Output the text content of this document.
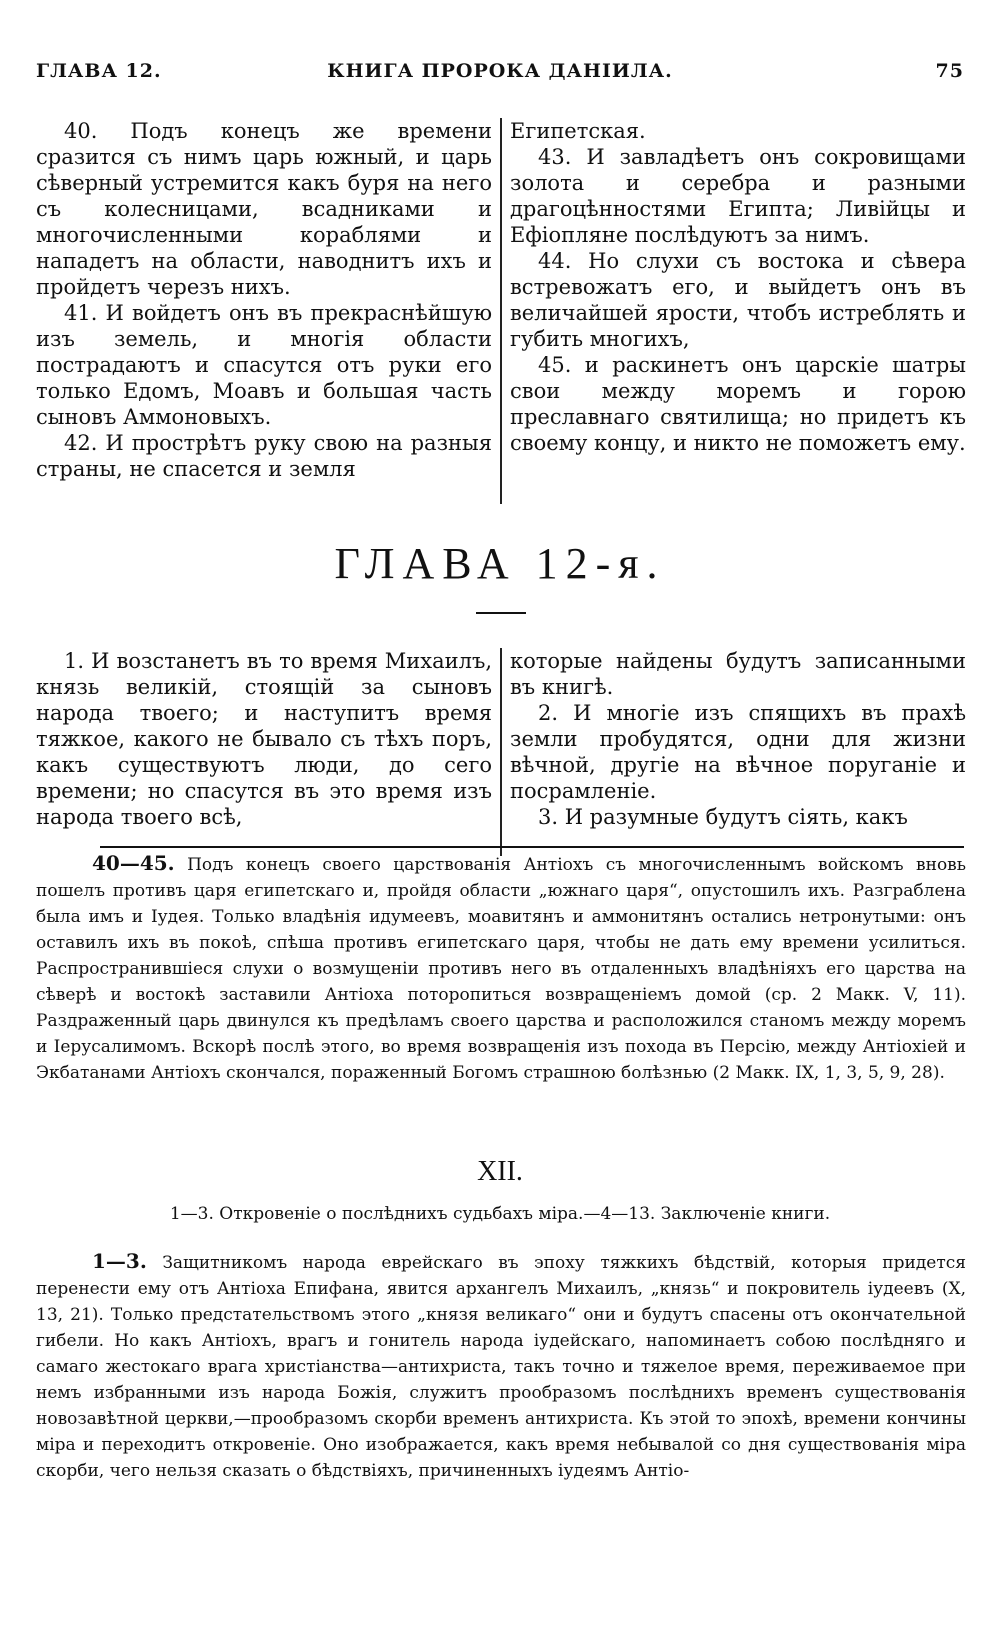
ГЛАВА 12.	КНИГА ПРОРОКА ДАНIИЛА.	75

40. Подъ конецъ же времени сразится съ нимъ царь южный, и царь сѣверный устремится какъ буря на него съ колесницами, всадниками и многочисленными кораблями и нападетъ на области, наводнитъ ихъ и пройдетъ черезъ нихъ.

41. И войдетъ онъ въ прекраснѣйшую изъ земель, и многія области пострадаютъ и спасутся отъ руки его только Едомъ, Моавъ и большая часть сыновъ Аммоновыхъ.

42. И прострѣтъ руку свою на разныя страны, не спасется и земля

Египетская.

43. И завладѣетъ онъ сокровищами золота и серебра и разными драгоцѣнностями Египта; Ливійцы и Ефіопляне послѣдуютъ за нимъ.

44. Но слухи съ востока и сѣвера встревожатъ его, и выйдетъ онъ въ величайшей ярости, чтобъ истреблять и губить многихъ,

45. и раскинетъ онъ царскіе шатры свои между моремъ и горою преславнаго святилища; но придетъ къ своему концу, и никто не поможетъ ему.

ГЛАВА 12-я.

1. И возстанетъ въ то время Михаилъ, князь великій, стоящій за сыновъ народа твоего; и наступитъ время тяжкое, какого не бывало съ тѣхъ поръ, какъ существуютъ люди, до сего времени; но спасутся въ это время изъ народа твоего всѣ,

которые найдены будутъ записанными въ книгѣ.

2. И многіе изъ спящихъ въ прахѣ земли пробудятся, одни для жизни вѣчной, другіе на вѣчное поруганіе и посрамленіе.

3. И разумные будутъ сіять, какъ

40—45. Подъ конецъ своего царствованія Антіохъ съ многочисленнымъ войскомъ вновь пошелъ противъ царя египетскаго и, пройдя области „южнаго царя“, опустошилъ ихъ. Разграблена была имъ и Іудея. Только владѣнія идумеевъ, моавитянъ и аммонитянъ остались нетронутыми: онъ оставилъ ихъ въ покоѣ, спѣша противъ египетскаго царя, чтобы не дать ему времени усилиться. Распространившіеся слухи о возмущеніи противъ него въ отдаленныхъ владѣніяхъ его царства на сѣверѣ и востокѣ заставили Антіоха поторопиться возвращеніемъ домой (ср. 2 Макк. V, 11). Раздраженный царь двинулся къ предѣламъ своего царства и расположился станомъ между моремъ и Іерусалимомъ. Вскорѣ послѣ этого, во время возвращенія изъ похода въ Персію, между Антіохіей и Экбатанами Антіохъ скончался, пораженный Богомъ страшною болѣзнью (2 Макк. IX, 1, 3, 5, 9, 28).

XII.
1—3. Откровеніе о послѣднихъ судьбахъ міра.—4—13. Заключеніе книги.

1—3. Защитникомъ народа еврейскаго въ эпоху тяжкихъ бѣдствій, которыя придется перенести ему отъ Антіоха Епифана, явится архангелъ Михаилъ, „князь“ и покровитель іудеевъ (X, 13, 21). Только предстательствомъ этого „князя великаго“ они и будутъ спасены отъ окончательной гибели. Но какъ Антіохъ, врагъ и гонитель народа іудейскаго, напоминаетъ собою послѣдняго и самаго жестокаго врага христіанства—антихриста, такъ точно и тяжелое время, переживаемое при немъ избранными изъ народа Божія, служитъ прообразомъ послѣднихъ временъ существованія новозавѣтной церкви,—прообразомъ скорби временъ антихриста. Къ этой то эпохѣ, времени кончины міра и переходитъ откровеніе. Оно изображается, какъ время небывалой со дня существованія міра скорби, чего нельзя сказать о бѣдствіяхъ, причиненныхъ іудеямъ Антіо-
